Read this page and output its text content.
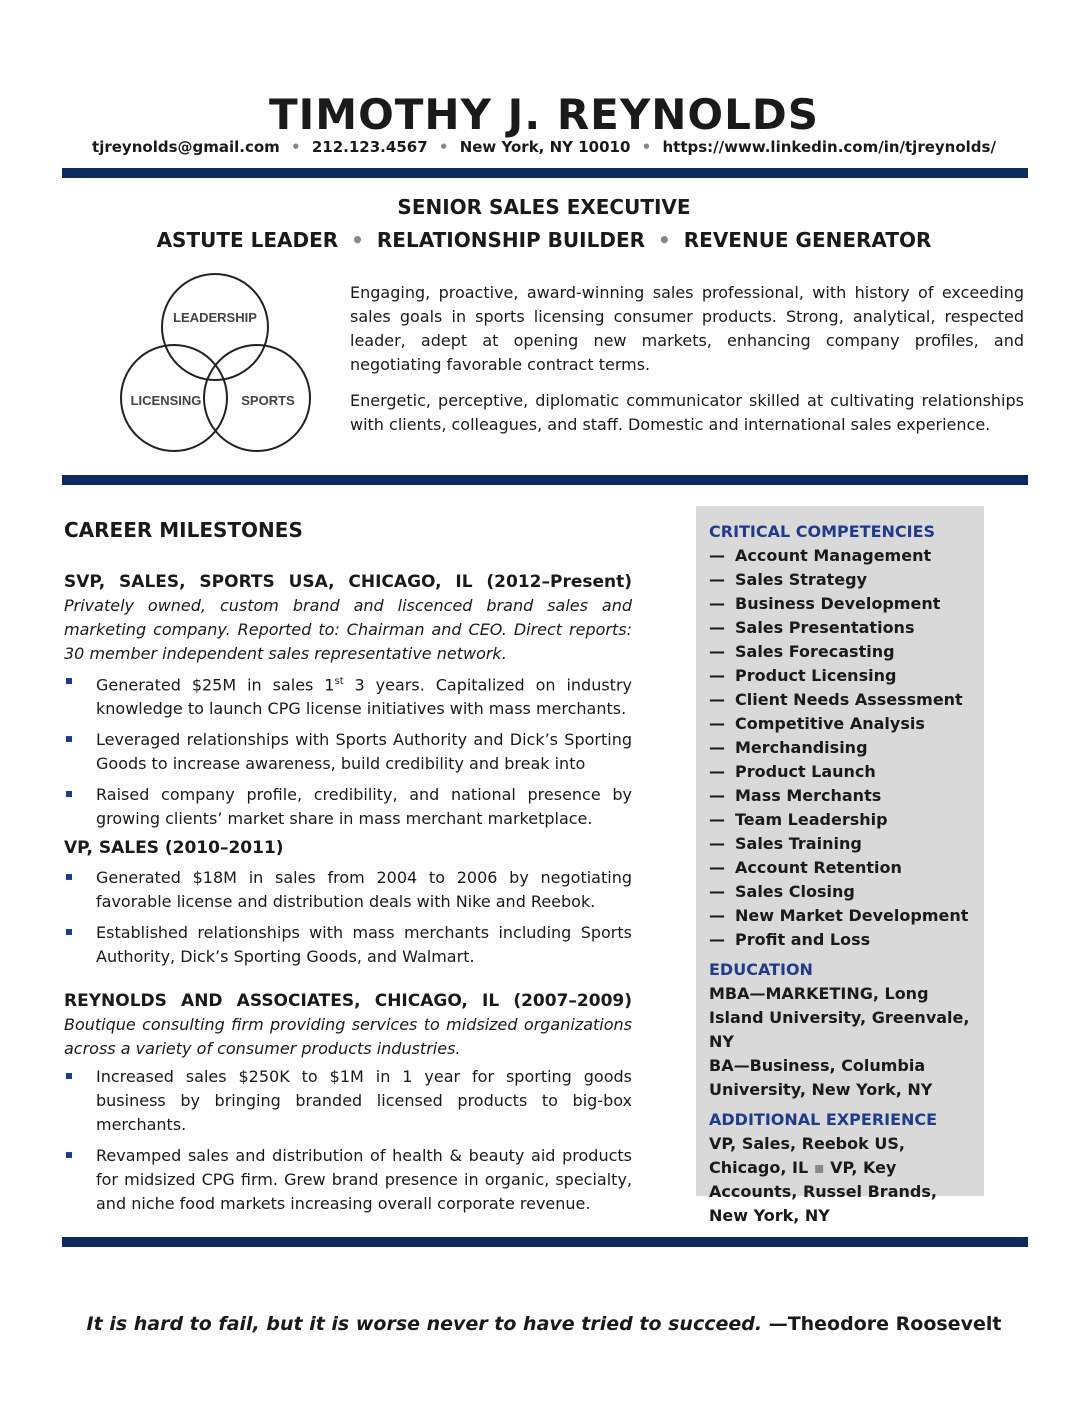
TIMOTHY J. REYNOLDS
tjreynolds@gmail.com • 212.123.4567 • New York, NY 10010 • https://www.linkedin.com/in/tjreynolds/
SENIOR SALES EXECUTIVE
ASTUTE LEADER • RELATIONSHIP BUILDER • REVENUE GENERATOR
LEADERSHIP
LICENSING	SPORTS
Engaging, proactive, award-winning sales professional, with history of exceeding sales goals in sports licensing consumer products. Strong, analytical, respected leader, adept at opening new markets, enhancing company profiles, and negotiating favorable contract terms.
Energetic, perceptive, diplomatic communicator skilled at cultivating relationships with clients, colleagues, and staff. Domestic and international sales experience.
CAREER MILESTONES
SVP, SALES, SPORTS USA, CHICAGO, IL (2012–Present) Privately owned, custom brand and liscenced brand sales and marketing company. Reported to: Chairman and CEO. Direct reports: 30 member independent sales representative network.
Generated $25M in sales 1st 3 years. Capitalized on industry knowledge to launch CPG license initiatives with mass merchants.
Leveraged relationships with Sports Authority and Dick’s Sporting Goods to increase awareness, build credibility and break into
Raised company profile, credibility, and national presence by growing clients’ market share in mass merchant marketplace.
VP, SALES (2010–2011)
Generated $18M in sales from 2004 to 2006 by negotiating favorable license and distribution deals with Nike and Reebok.
Established relationships with mass merchants including Sports Authority, Dick’s Sporting Goods, and Walmart.
REYNOLDS AND ASSOCIATES, CHICAGO, IL (2007–2009) Boutique consulting firm providing services to midsized organizations across a variety of consumer products industries.
Increased sales $250K to $1M in 1 year for sporting goods business by bringing branded licensed products to big-box merchants.
Revamped sales and distribution of health & beauty aid products for midsized CPG firm. Grew brand presence in organic, specialty, and niche food markets increasing overall corporate revenue.
CRITICAL COMPETENCIES
— Account Management
— Sales Strategy
— Business Development
— Sales Presentations
— Sales Forecasting
— Product Licensing
— Client Needs Assessment
— Competitive Analysis
— Merchandising
— Product Launch
— Mass Merchants
— Team Leadership
— Sales Training
— Account Retention
— Sales Closing
— New Market Development
— Profit and Loss
EDUCATION

MBA—MARKETING, Long Island University, Greenvale, NY

BA—Business, Columbia University, New York, NY

ADDITIONAL EXPERIENCE

VP, Sales, Reebok US, Chicago, IL ▪ VP, Key Accounts, Russel Brands, New York, NY

It is hard to fail, but it is worse never to have tried to succeed. —Theodore Roosevelt
